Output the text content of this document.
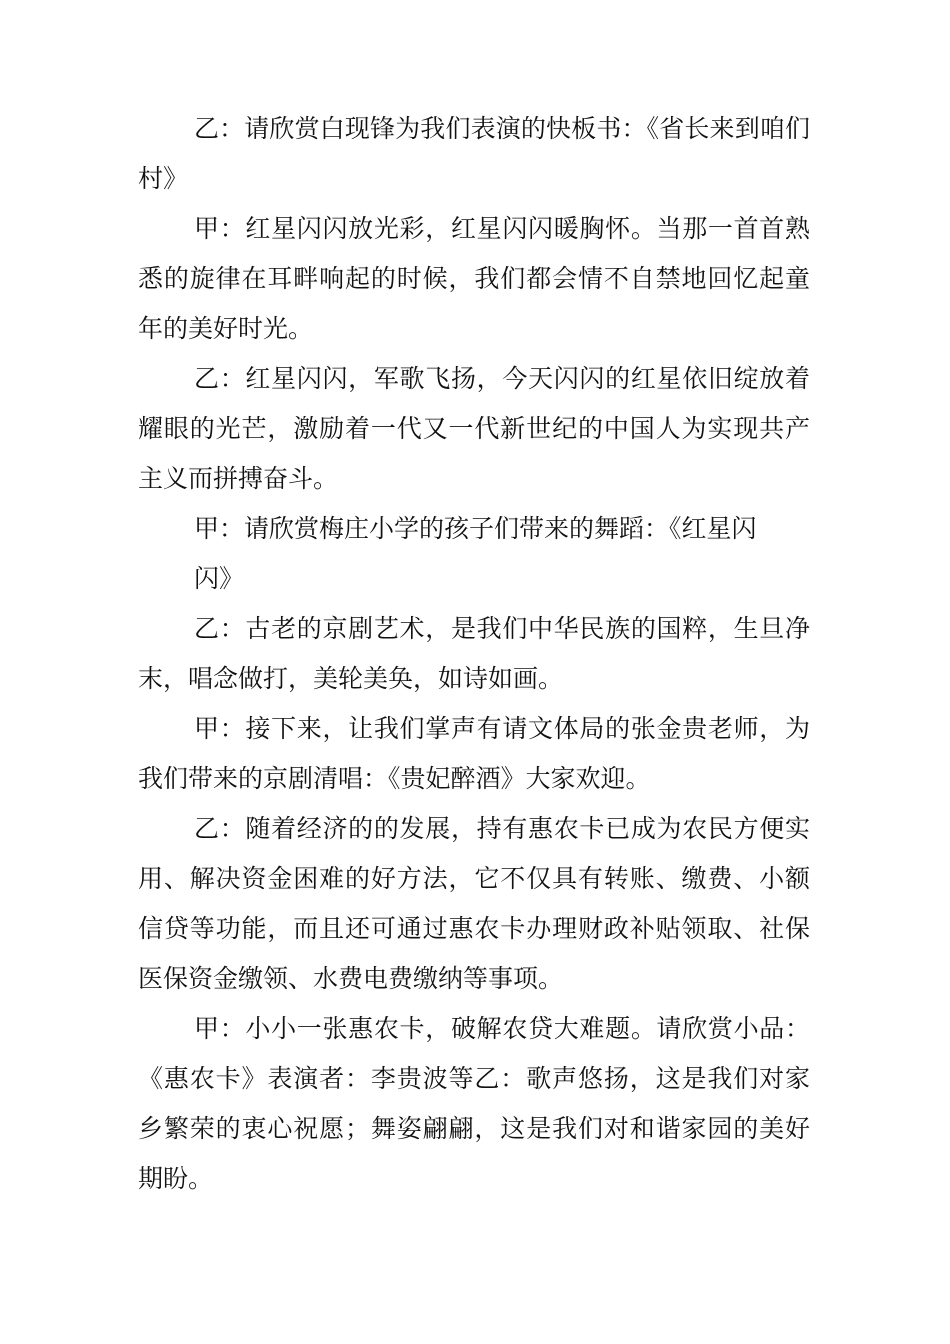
乙：请欣赏白现锋为我们表演的快板书：《省长来到咱们村》

甲：红星闪闪放光彩，红星闪闪暖胸怀。当那一首首熟悉的旋律在耳畔响起的时候，我们都会情不自禁地回忆起童年的美好时光。

乙：红星闪闪，军歌飞扬，今天闪闪的红星依旧绽放着耀眼的光芒，激励着一代又一代新世纪的中国人为实现共产主义而拼搏奋斗。

甲：请欣赏梅庄小学的孩子们带来的舞蹈：《红星闪
闪》

乙：古老的京剧艺术，是我们中华民族的国粹，生旦净末，唱念做打，美轮美奂，如诗如画。

甲：接下来，让我们掌声有请文体局的张金贵老师，为我们带来的京剧清唱：《贵妃醉酒》大家欢迎。

乙：随着经济的的发展，持有惠农卡已成为农民方便实用、解决资金困难的好方法，它不仅具有转账、缴费、小额信贷等功能，而且还可通过惠农卡办理财政补贴领取、社保医保资金缴领、水费电费缴纳等事项。

甲：小小一张惠农卡，破解农贷大难题。请欣赏小品：《惠农卡》表演者：李贵波等乙：歌声悠扬，这是我们对家乡繁荣的衷心祝愿；舞姿翩翩，这是我们对和谐家园的美好期盼。
